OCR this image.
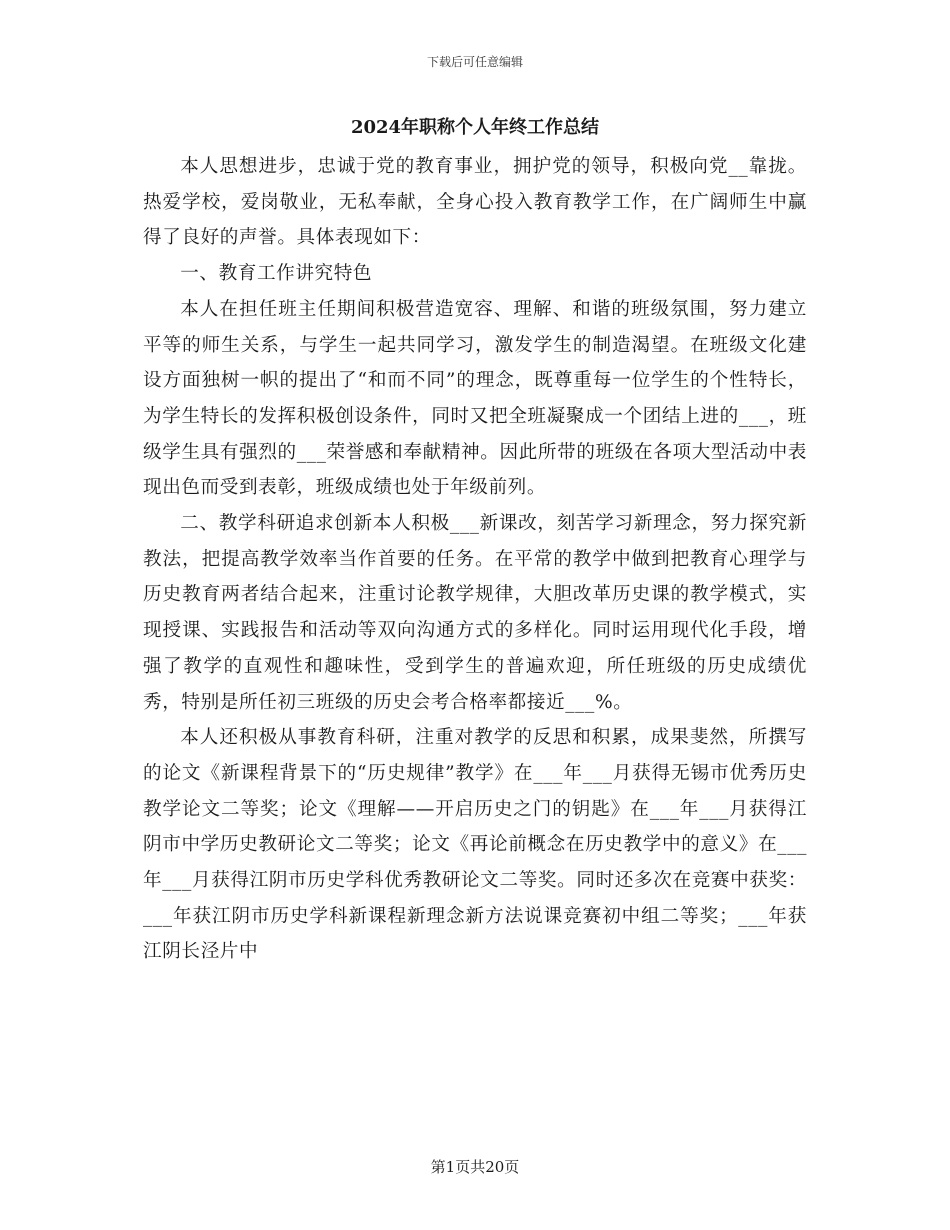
下载后可任意编辑
2024年职称个人年终工作总结

本人思想进步，忠诚于党的教育事业，拥护党的领导，积极向党__靠拢。热爱学校，爱岗敬业，无私奉献，全身心投入教育教学工作，在广阔师生中赢得了良好的声誉。具体表现如下：

一、教育工作讲究特色

本人在担任班主任期间积极营造宽容、理解、和谐的班级氛围，努力建立平等的师生关系，与学生一起共同学习，激发学生的制造渴望。在班级文化建设方面独树一帜的提出了“和而不同”的理念，既尊重每一位学生的个性特长，为学生特长的发挥积极创设条件，同时又把全班凝聚成一个团结上进的___，班级学生具有强烈的___荣誉感和奉献精神。因此所带的班级在各项大型活动中表现出色而受到表彰，班级成绩也处于年级前列。

二、教学科研追求创新本人积极___新课改，刻苦学习新理念，努力探究新教法，把提高教学效率当作首要的任务。在平常的教学中做到把教育心理学与历史教育两者结合起来，注重讨论教学规律，大胆改革历史课的教学模式，实现授课、实践报告和活动等双向沟通方式的多样化。同时运用现代化手段，增强了教学的直观性和趣味性，受到学生的普遍欢迎，所任班级的历史成绩优秀，特别是所任初三班级的历史会考合格率都接近___%。

本人还积极从事教育科研，注重对教学的反思和积累，成果斐然，所撰写的论文《新课程背景下的“历史规律”教学》在___年___月获得无锡市优秀历史教学论文二等奖；论文《理解——开启历史之门的钥匙》在___年___月获得江阴市中学历史教研论文二等奖；论文《再论前概念在历史教学中的意义》在___年___月获得江阴市历史学科优秀教研论文二等奖。同时还多次在竞赛中获奖：___年获江阴市历史学科新课程新理念新方法说课竞赛初中组二等奖；___年获江阴长泾片中

第1页共20页
